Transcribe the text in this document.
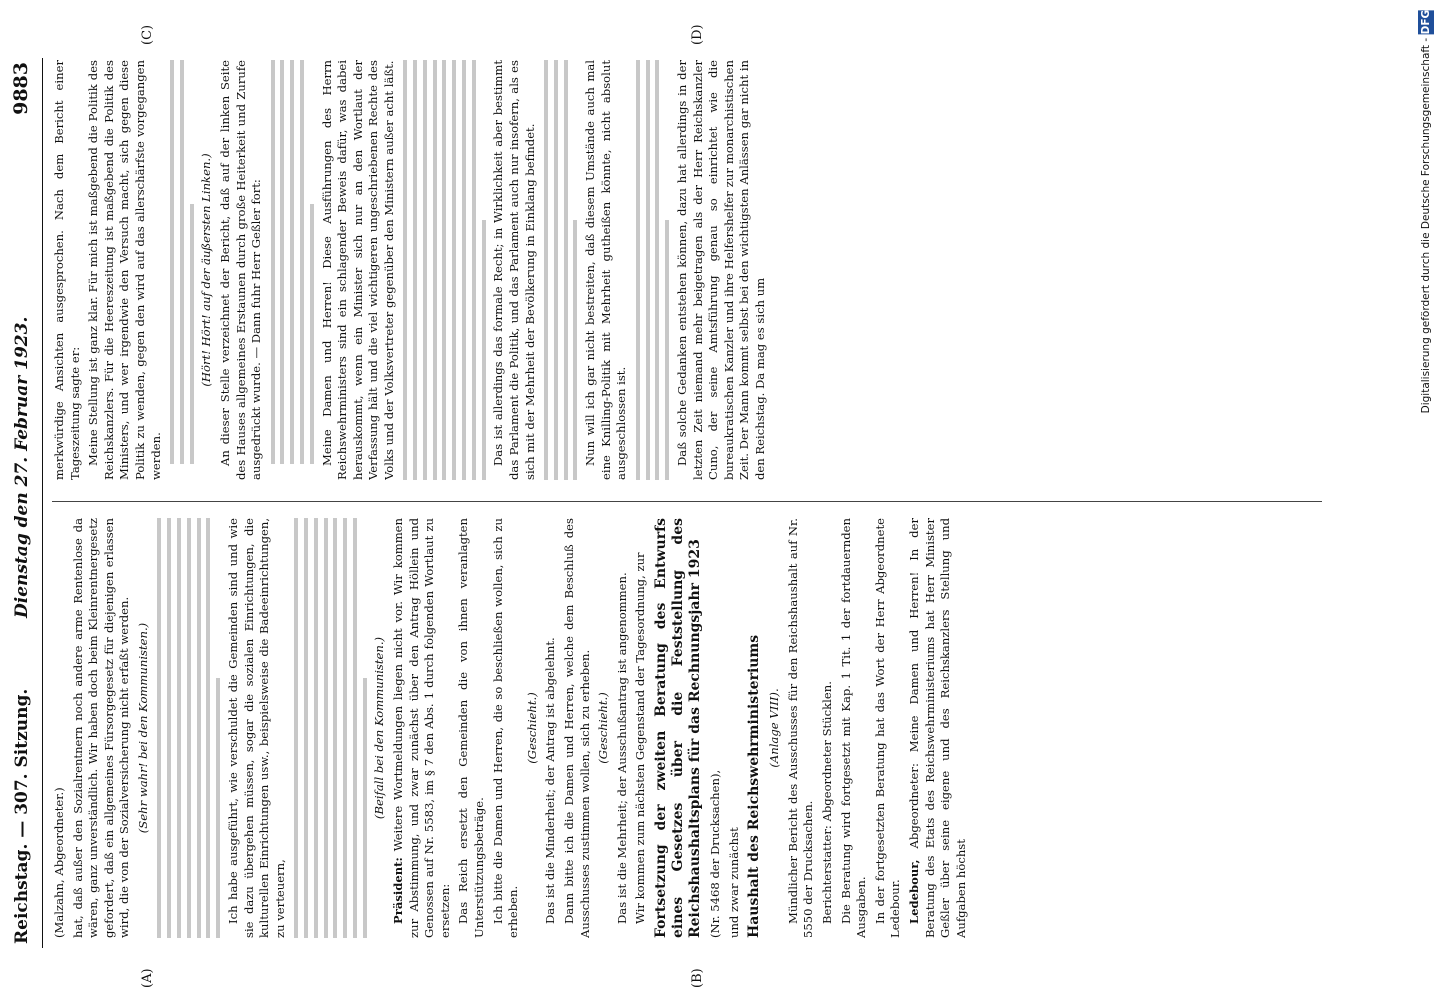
Reichstag. — 307. Sitzung.
Dienstag den 27. Februar 1923.
9883
(A)	(B)
(C)	(D)

(Malzahn, Abgeordneter.) hat, daß außer den Sozialrentnern noch andere arme Rentenlose da wären, ganz unverständlich. Wir haben doch beim Kleinrentnergesetz gefordert, daß ein allgemeines Fürsorgegesetz für diejenigen erlassen wird, die von der Sozialversicherung nicht erfaßt werden. (Sehr wahr! bei den Kommunisten.)	Ich habe ausgeführt, wie verschuldet die Gemeinden sind und wie sie dazu übergehen müssen, sogar die sozialen Einrichtungen, die kulturellen Einrichtungen usw., beispielsweise die Badeeinrichtungen, zu verteuern,

(Beifall bei den Kommunisten.)

Präsident: Weitere Wortmeldungen liegen nicht vor. Wir kommen zur Abstimmung, und zwar zunächst über den Antrag Höllein und Genossen auf Nr. 5583, im § 7 den Abs. 1 durch folgenden Wortlaut zu ersetzen: Das Reich ersetzt den Gemeinden die von ihnen veranlagten Unterstützungsbeträge. Ich bitte die Damen und Herren, die so beschließen wollen, sich zu erheben.

(Geschieht.) Das ist die Minderheit; der Antrag ist abgelehnt. Dann bitte ich die Damen und Herren, welche dem Beschluß des Ausschusses zustimmen wollen, sich zu erheben. (Geschieht.) Das ist die Mehrheit; der Ausschußantrag ist angenommen. Wir kommen zum nächsten Gegenstand der Tagesordnung, zur Fortsetzung der zweiten Beratung des Entwurfs eines Gesetzes über die Feststellung des Reichshaushaltsplans für das Rechnungsjahr 1923 (Nr. 5468 der Drucksachen), und zwar zunächst Haushalt des Reichswehrministeriums (Anlage VIII). Mündlicher Bericht des Ausschusses für den Reichshaushalt auf Nr. 5550 der Drucksachen. Berichterstatter: Abgeordneter Stücklen. Die Beratung wird fortgesetzt mit Kap. 1 Tit. 1 der fortdauernden Ausgaben. In der fortgesetzten Beratung hat das Wort der Herr Abgeordnete Ledebour. Ledebour, Abgeordneter: Meine Damen und Herren! In der Beratung des Etats des Reichswehrministeriums hat Herr Minister Geßler über seine eigene und des Reichskanzlers Stellung und Aufgaben höchst

merkwürdige Ansichten ausgesprochen. Nach dem Bericht einer Tageszeitung sagte er: Meine Stellung ist ganz klar. Für mich ist maßgebend die Politik des Reichskanzlers. Für die Heereszeitung ist maßgebend die Politik des Ministers, und wer irgendwie den Versuch macht, sich gegen diese Politik zu wenden, gegen den wird auf das allerschärfste vorgegangen werden.

(Hört! Hört! auf der äußersten Linken.) An dieser Stelle verzeichnet der Bericht, daß auf der linken Seite des Hauses allgemeines Erstaunen durch große Heiterkeit und Zurufe ausgedrückt wurde. — Dann fuhr Herr Geßler fort:	Meine Damen und Herren! Diese Ausführungen des Herrn Reichswehrministers sind ein schlagender Beweis dafür, was dabei herauskommt, wenn ein Minister sich nur an den Wortlaut der Verfassung hält und die viel wichtigeren ungeschriebenen Rechte des Volks und der Volksvertreter gegenüber den Ministern außer acht läßt.	Das ist allerdings das formale Recht; in Wirklichkeit aber bestimmt das Parlament die Politik, und das Parlament auch nur insofern, als es sich mit der Mehrheit der Bevölkerung in Einklang befindet.	Nun will ich gar nicht bestreiten, daß diesem Umstände auch mal eine Knilling-Politik mit Mehrheit gutheißen könnte, nicht absolut ausgeschlossen ist.	Daß solche Gedanken entstehen können, dazu hat allerdings in der letzten Zeit niemand mehr beigetragen als der Herr Reichskanzler Cuno, der seine Amtsführung genau so einrichtet wie die bureaukratischen Kanzler und ihre Helfershelfer zur monarchistischen Zeit. Der Mann kommt selbst bei den wichtigsten Anlässen gar nicht in den Reichstag. Da mag es sich um	Digitalisierung gefördert durch die Deutsche Forschungsgemeinschaft - DFG
